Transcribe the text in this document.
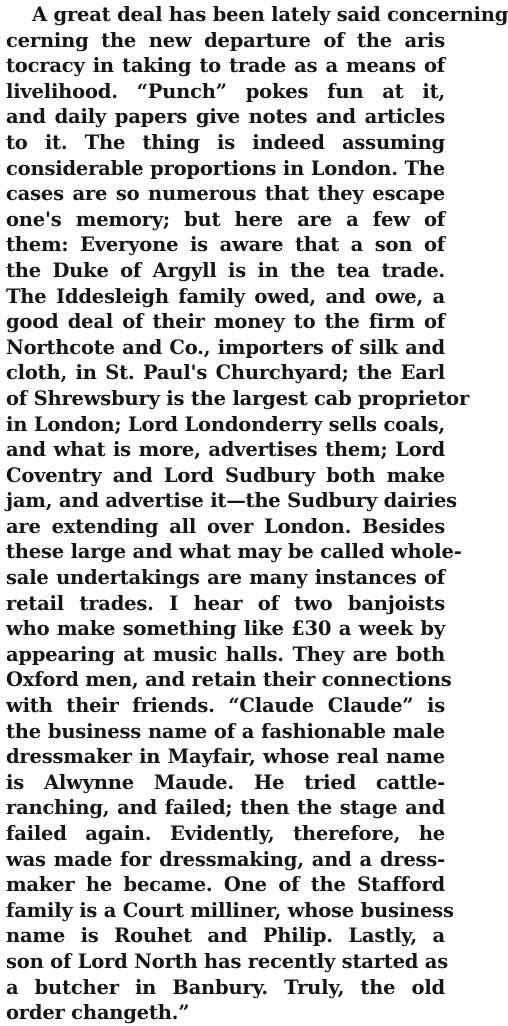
A great deal has been lately said concerning
cerning the new departure of the aris
tocracy in taking to trade as a means of
livelihood. “Punch” pokes fun at it,
and daily papers give notes and articles
to it. The thing is indeed assuming
considerable proportions in London. The
cases are so numerous that they escape
one's memory; but here are a few of
them: Everyone is aware that a son of
the Duke of Argyll is in the tea trade.
The Iddesleigh family owed, and owe, a
good deal of their money to the firm of
Northcote and Co., importers of silk and
cloth, in St. Paul's Churchyard; the Earl
of Shrewsbury is the largest cab proprietor
in London; Lord Londonderry sells coals,
and what is more, advertises them; Lord
Coventry and Lord Sudbury both make
jam, and advertise it—the Sudbury dairies
are extending all over London. Besides
these large and what may be called whole-
sale undertakings are many instances of
retail trades. I hear of two banjoists
who make something like £30 a week by
appearing at music halls. They are both
Oxford men, and retain their connections
with their friends. “Claude Claude” is
the business name of a fashionable male
dressmaker in Mayfair, whose real name
is Alwynne Maude. He tried cattle-
ranching, and failed; then the stage and
failed again. Evidently, therefore, he
was made for dressmaking, and a dress-
maker he became. One of the Stafford
family is a Court milliner, whose business
name is Rouhet and Philip. Lastly, a
son of Lord North has recently started as
a butcher in Banbury. Truly, the old
order changeth.”
